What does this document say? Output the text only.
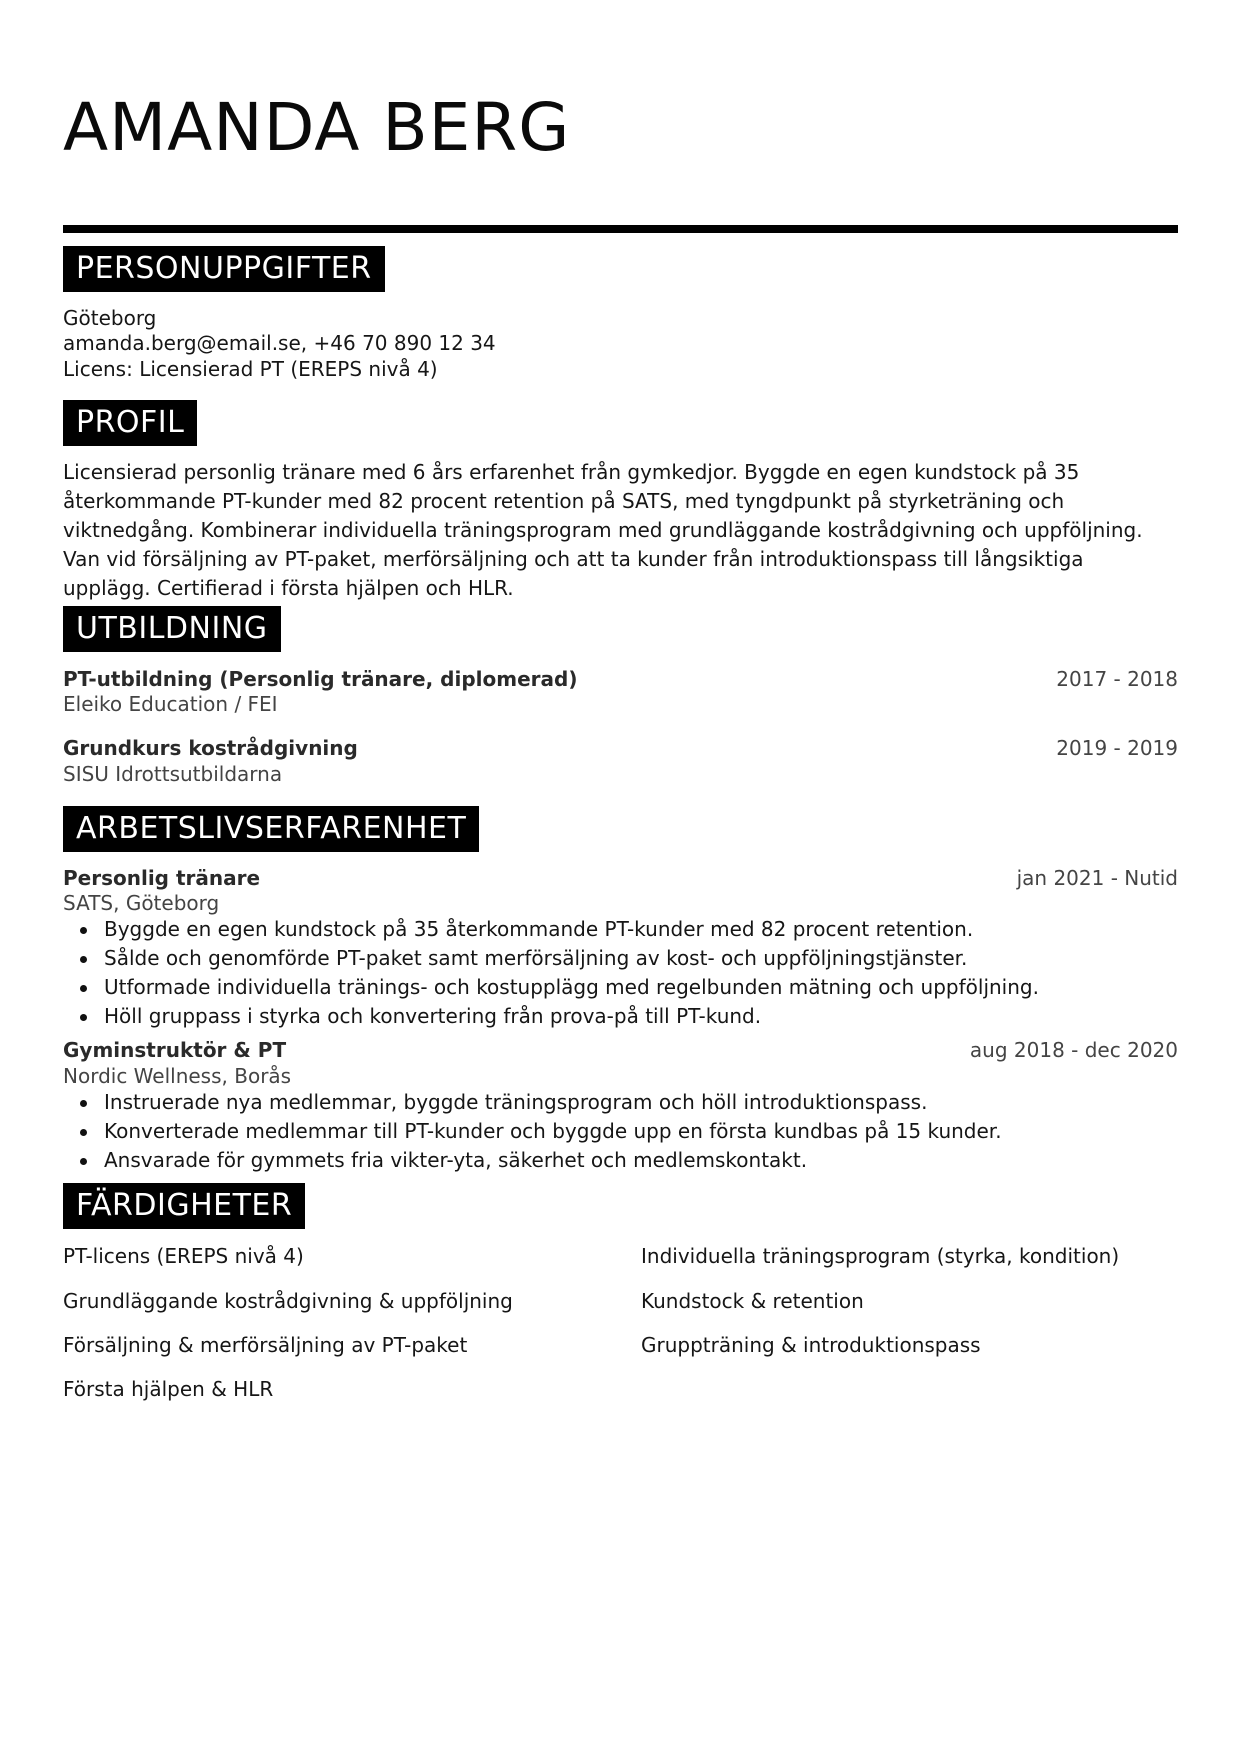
AMANDA BERG
PERSONUPPGIFTER
Göteborg
amanda.berg@email.se, +46 70 890 12 34
Licens: Licensierad PT (EREPS nivå 4)
PROFIL
Licensierad personlig tränare med 6 års erfarenhet från gymkedjor. Byggde en egen kundstock på 35 återkommande PT-kunder med 82 procent retention på SATS, med tyngdpunkt på styrketräning och viktnedgång. Kombinerar individuella träningsprogram med grundläggande kostrådgivning och uppföljning. Van vid försäljning av PT-paket, merförsäljning och att ta kunder från introduktionspass till långsiktiga upplägg. Certifierad i första hjälpen och HLR.
UTBILDNING
PT-utbildning (Personlig tränare, diplomerad)	2017 - 2018
Eleiko Education / FEI
Grundkurs kostrådgivning	2019 - 2019
SISU Idrottsutbildarna
ARBETSLIVSERFARENHET
Personlig tränare	jan 2021 - Nutid
SATS, Göteborg
Byggde en egen kundstock på 35 återkommande PT-kunder med 82 procent retention.
Sålde och genomförde PT-paket samt merförsäljning av kost- och uppföljningstjänster.
Utformade individuella tränings- och kostupplägg med regelbunden mätning och uppföljning.
Höll gruppass i styrka och konvertering från prova-på till PT-kund.
Gyminstruktör & PT	aug 2018 - dec 2020
Nordic Wellness, Borås
Instruerade nya medlemmar, byggde träningsprogram och höll introduktionspass.
Konverterade medlemmar till PT-kunder och byggde upp en första kundbas på 15 kunder.
Ansvarade för gymmets fria vikter-yta, säkerhet och medlemskontakt.
FÄRDIGHETER
PT-licens (EREPS nivå 4)	Individuella träningsprogram (styrka, kondition)
Grundläggande kostrådgivning & uppföljning	Kundstock & retention
Försäljning & merförsäljning av PT-paket	Gruppträning & introduktionspass
Första hjälpen & HLR
